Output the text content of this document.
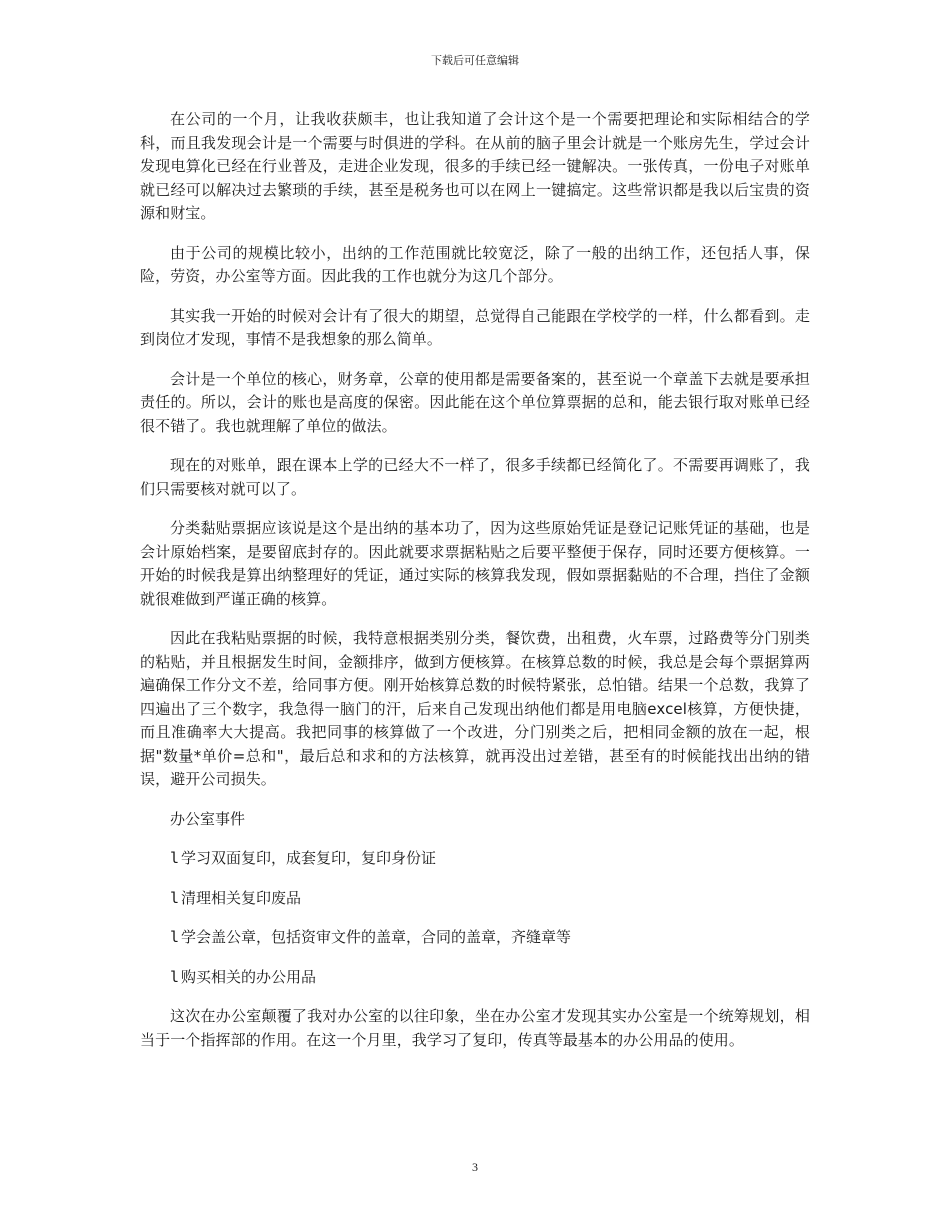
下载后可任意编辑

在公司的一个月，让我收获颇丰，也让我知道了会计这个是一个需要把理论和实际相结合的学科，而且我发现会计是一个需要与时俱进的学科。在从前的脑子里会计就是一个账房先生，学过会计发现电算化已经在行业普及，走进企业发现，很多的手续已经一键解决。一张传真，一份电子对账单就已经可以解决过去繁琐的手续，甚至是税务也可以在网上一键搞定。这些常识都是我以后宝贵的资源和财宝。

由于公司的规模比较小，出纳的工作范围就比较宽泛，除了一般的出纳工作，还包括人事，保险，劳资，办公室等方面。因此我的工作也就分为这几个部分。

其实我一开始的时候对会计有了很大的期望，总觉得自己能跟在学校学的一样，什么都看到。走到岗位才发现，事情不是我想象的那么简单。

会计是一个单位的核心，财务章，公章的使用都是需要备案的，甚至说一个章盖下去就是要承担责任的。所以，会计的账也是高度的保密。因此能在这个单位算票据的总和，能去银行取对账单已经很不错了。我也就理解了单位的做法。

现在的对账单，跟在课本上学的已经大不一样了，很多手续都已经简化了。不需要再调账了，我们只需要核对就可以了。

分类黏贴票据应该说是这个是出纳的基本功了，因为这些原始凭证是登记记账凭证的基础，也是会计原始档案，是要留底封存的。因此就要求票据粘贴之后要平整便于保存，同时还要方便核算。一开始的时候我是算出纳整理好的凭证，通过实际的核算我发现，假如票据黏贴的不合理，挡住了金额就很难做到严谨正确的核算。

因此在我粘贴票据的时候，我特意根据类别分类，餐饮费，出租费，火车票，过路费等分门别类的粘贴，并且根据发生时间，金额排序，做到方便核算。在核算总数的时候，我总是会每个票据算两遍确保工作分文不差，给同事方便。刚开始核算总数的时候特紧张，总怕错。结果一个总数，我算了四遍出了三个数字，我急得一脑门的汗，后来自己发现出纳他们都是用电脑excel核算，方便快捷，而且准确率大大提高。我把同事的核算做了一个改进，分门别类之后，把相同金额的放在一起，根据"数量*单价=总和"，最后总和求和的方法核算，就再没出过差错，甚至有的时候能找出出纳的错误，避开公司损失。

办公室事件

l 学习双面复印，成套复印，复印身份证

l 清理相关复印废品

l 学会盖公章，包括资审文件的盖章，合同的盖章，齐缝章等

l 购买相关的办公用品

这次在办公室颠覆了我对办公室的以往印象，坐在办公室才发现其实办公室是一个统筹规划，相当于一个指挥部的作用。在这一个月里，我学习了复印，传真等最基本的办公用品的使用。

3
